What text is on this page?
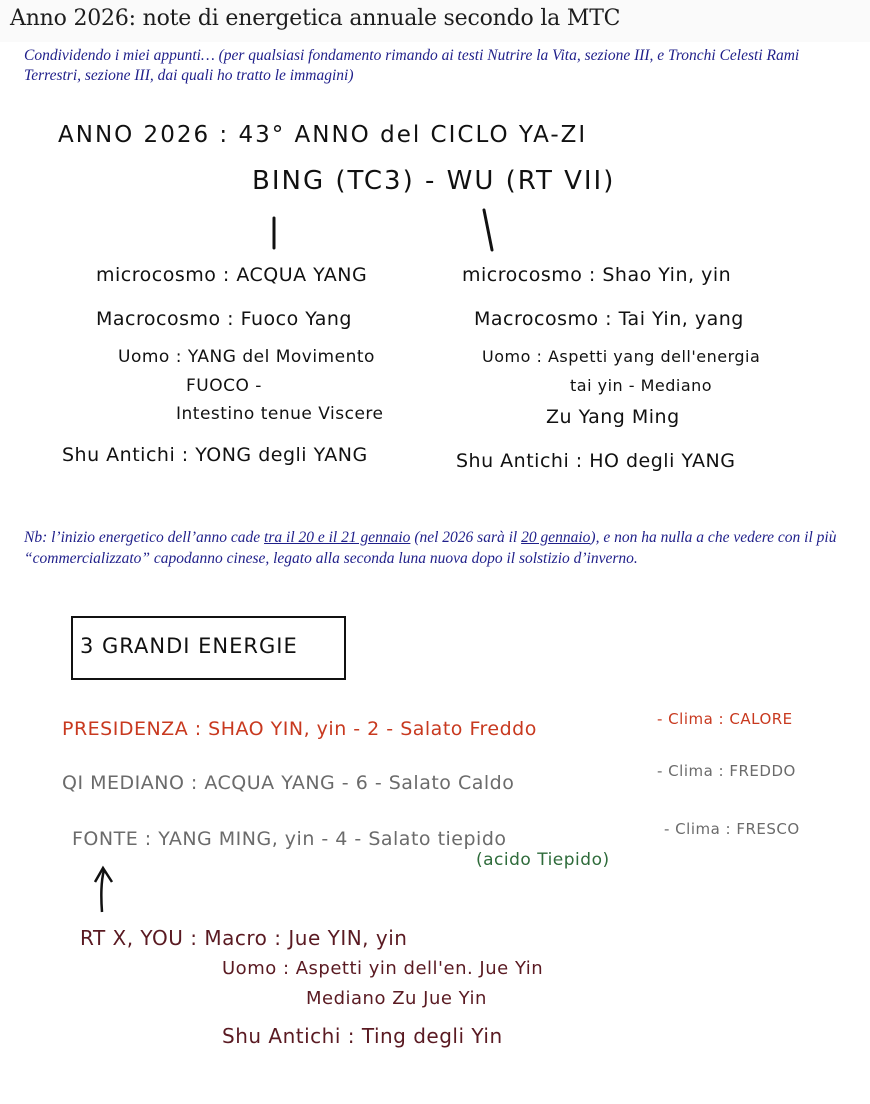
Anno 2026: note di energetica annuale secondo la MTC

Condividendo i miei appunti… (per qualsiasi fondamento rimando ai testi Nutrire la Vita, sezione III, e Tronchi Celesti Rami Terrestri, sezione III, dai quali ho tratto le immagini)

ANNO 2026 : 43° ANNO del CICLO YA-ZI
BING (TC3) - WU (RT VII)
microcosmo : ACQUA YANG
Macrocosmo : Fuoco Yang
Uomo : YANG del Movimento
FUOCO -
Intestino tenue Viscere
Shu Antichi : YONG degli YANG
microcosmo : Shao Yin, yin
Macrocosmo : Tai Yin, yang
Uomo : Aspetti yang dell'energia
tai yin - Mediano
Zu Yang Ming
Shu Antichi : HO degli YANG

Nb: l’inizio energetico dell’anno cade tra il 20 e il 21 gennaio (nel 2026 sarà il 20 gennaio), e non ha nulla a che vedere con il più “commercializzato” capodanno cinese, legato alla seconda luna nuova dopo il solstizio d’inverno.

3 GRANDI ENERGIE
PRESIDENZA : SHAO YIN, yin - 2 - Salato Freddo	- Clima : CALORE
QI MEDIANO : ACQUA YANG - 6 - Salato Caldo
- Clima : FREDDO
FONTE : YANG MING, yin - 4 - Salato tiepido	- Clima : FRESCO
(acido Tiepido)
RT X, YOU : Macro : Jue YIN, yin
Uomo : Aspetti yin dell'en. Jue Yin
Mediano Zu Jue Yin
Shu Antichi : Ting degli Yin
